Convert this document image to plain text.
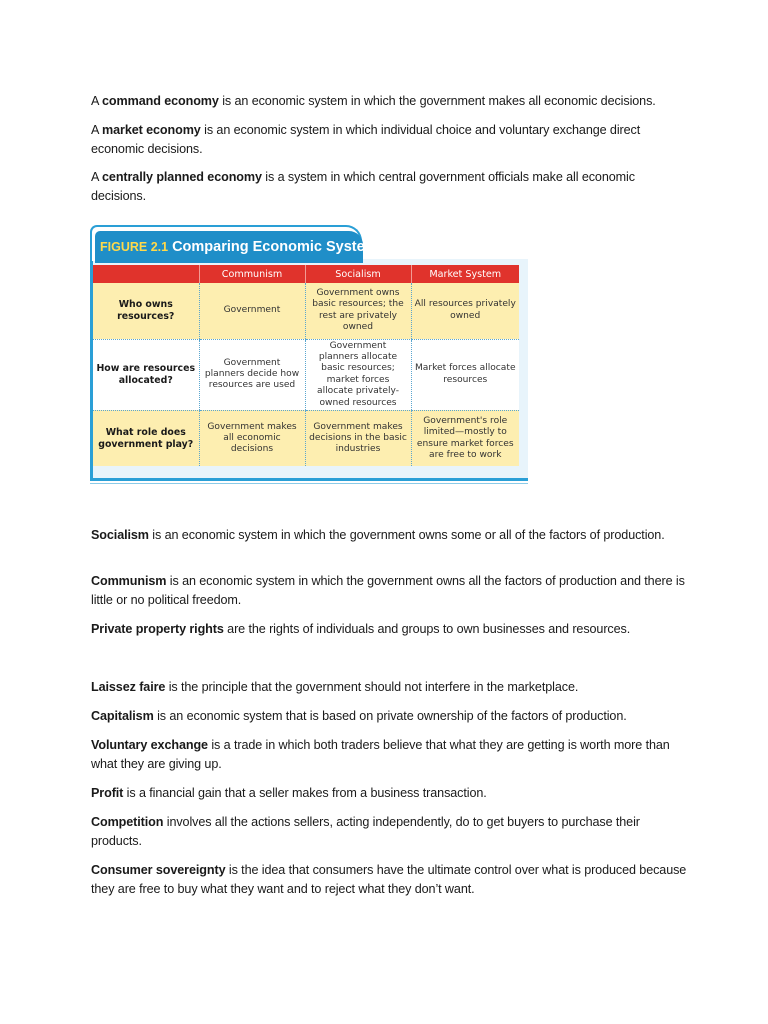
A command economy is an economic system in which the government makes all economic decisions.

A market economy is an economic system in which individual choice and voluntary exchange direct economic decisions.

A centrally planned economy is a system in which central government officials make all economic decisions.

FIGURE 2.1 Comparing Economic Systems
	Communism	Socialism	Market System
Who owns resources?	Government	Government owns basic resources; the rest are privately owned	All resources privately owned
How are resources allocated?	Government planners decide how resources are used	Government planners allocate basic resources; market forces allocate privately-owned resources	Market forces allocate resources
What role does government play?	Government makes all economic decisions	Government makes decisions in the basic industries	Government's role limited—mostly to ensure market forces are free to work

Socialism is an economic system in which the government owns some or all of the factors of production.

Communism is an economic system in which the government owns all the factors of production and there is little or no political freedom.

Private property rights are the rights of individuals and groups to own businesses and resources.

Laissez faire is the principle that the government should not interfere in the marketplace.

Capitalism is an economic system that is based on private ownership of the factors of production.

Voluntary exchange is a trade in which both traders believe that what they are getting is worth more than what they are giving up.

Profit is a financial gain that a seller makes from a business transaction.

Competition involves all the actions sellers, acting independently, do to get buyers to purchase their products.

Consumer sovereignty is the idea that consumers have the ultimate control over what is produced because they are free to buy what they want and to reject what they don’t want.
